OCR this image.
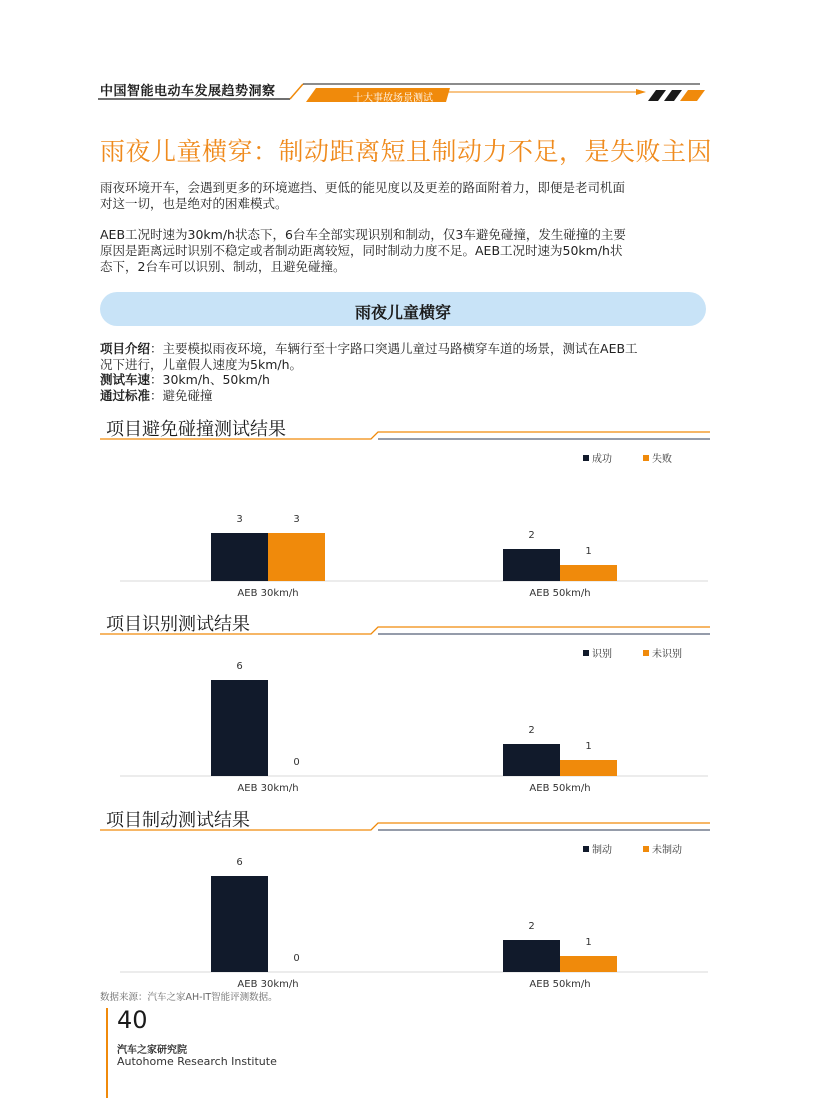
中国智能电动车发展趋势洞察	十大事故场景测试
雨夜儿童横穿：制动距离短且制动力不足，是失败主因
雨夜环境开车，会遇到更多的环境遮挡、更低的能见度以及更差的路面附着力，即便是老司机面
对这一切，也是绝对的困难模式。
AEB工况时速为30km/h状态下，6台车全部实现识别和制动，仅3车避免碰撞，发生碰撞的主要
原因是距离远时识别不稳定或者制动距离较短，同时制动力度不足。AEB工况时速为50km/h状
态下，2台车可以识别、制动，且避免碰撞。
雨夜儿童横穿
项目介绍：主要模拟雨夜环境，车辆行至十字路口突遇儿童过马路横穿车道的场景，测试在AEB工
况下进行，儿童假人速度为5km/h。
测试车速：30km/h、50km/h
通过标准：避免碰撞
项目避免碰撞测试结果
成功	失败
3	3
AEB 30km/h
2
1
AEB 50km/h
项目识别测试结果
识别	未识别
6
0
AEB 30km/h
2
1
AEB 50km/h
项目制动测试结果
制动	未制动
6
0
AEB 30km/h
2
1
AEB 50km/h
数据来源：汽车之家AH-IT智能评测数据。
40
汽车之家研究院
Autohome Research Institute
